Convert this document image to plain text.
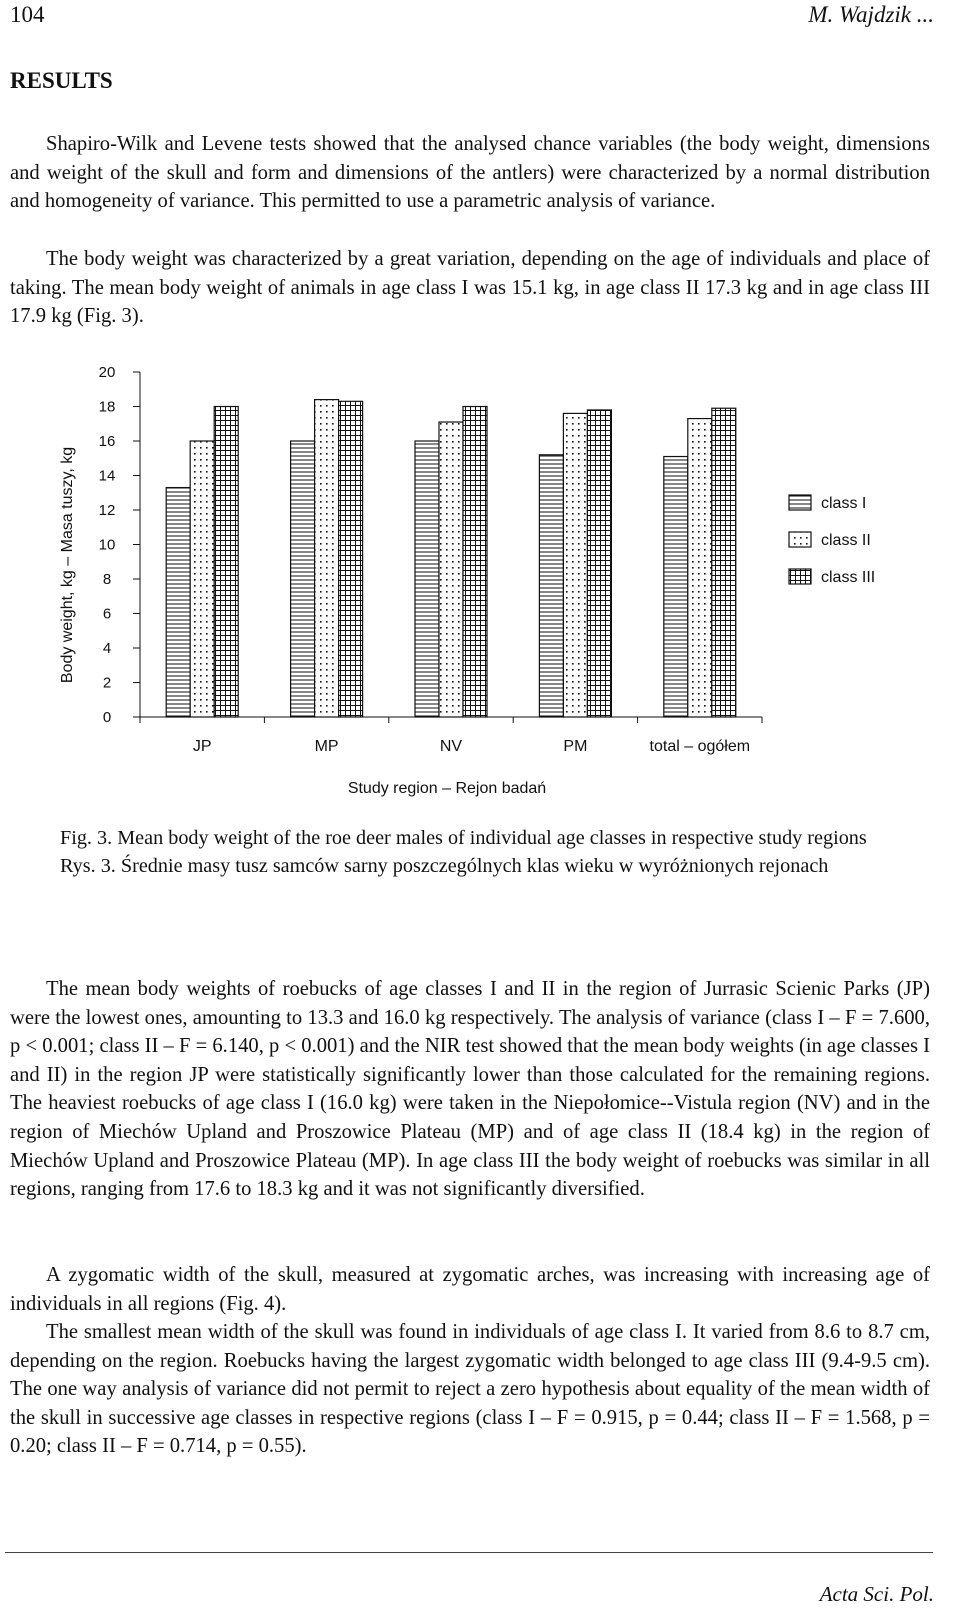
104	M. Wajdzik ...
RESULTS

Shapiro-Wilk and Levene tests showed that the analysed chance variables (the body weight, dimensions and weight of the skull and form and dimensions of the antlers) were characterized by a normal distribution and homogeneity of variance. This permitted to use a parametric analysis of variance.

The body weight was characterized by a great variation, depending on the age of individuals and place of taking. The mean body weight of animals in age class I was 15.1 kg, in age class II 17.3 kg and in age class III 17.9 kg (Fig. 3).

Body weight, kg – Masa tuszy, kg
0
2
4
6
8
10
12
14
16
18
20
JP	MP	NV	PM	total – ogółem
Study region – Rejon badań
class I
class II
class III

Fig. 3. Mean body weight of the roe deer males of individual age classes in respective study regions

Rys. 3. Średnie masy tusz samców sarny poszczególnych klas wieku w wyróżnionych rejonach

The mean body weights of roebucks of age classes I and II in the region of Jurrasic Scienic Parks (JP) were the lowest ones, amounting to 13.3 and 16.0 kg respectively. The analysis of variance (class I – F = 7.600, p < 0.001; class II – F = 6.140, p < 0.001) and the NIR test showed that the mean body weights (in age classes I and II) in the region JP were statistically significantly lower than those calculated for the remaining regions. The heaviest roebucks of age class I (16.0 kg) were taken in the Niepołomice--Vistula region (NV) and in the region of Miechów Upland and Proszowice Plateau (MP) and of age class II (18.4 kg) in the region of Miechów Upland and Proszowice Plateau (MP). In age class III the body weight of roebucks was similar in all regions, ranging from 17.6 to 18.3 kg and it was not significantly diversified.

A zygomatic width of the skull, measured at zygomatic arches, was increasing with increasing age of individuals in all regions (Fig. 4).

The smallest mean width of the skull was found in individuals of age class I. It varied from 8.6 to 8.7 cm, depending on the region. Roebucks having the largest zygomatic width belonged to age class III (9.4-9.5 cm). The one way analysis of variance did not permit to reject a zero hypothesis about equality of the mean width of the skull in successive age classes in respective regions (class I – F = 0.915, p = 0.44; class II – F = 1.568, p = 0.20; class II – F = 0.714, p = 0.55).

Acta Sci. Pol.
